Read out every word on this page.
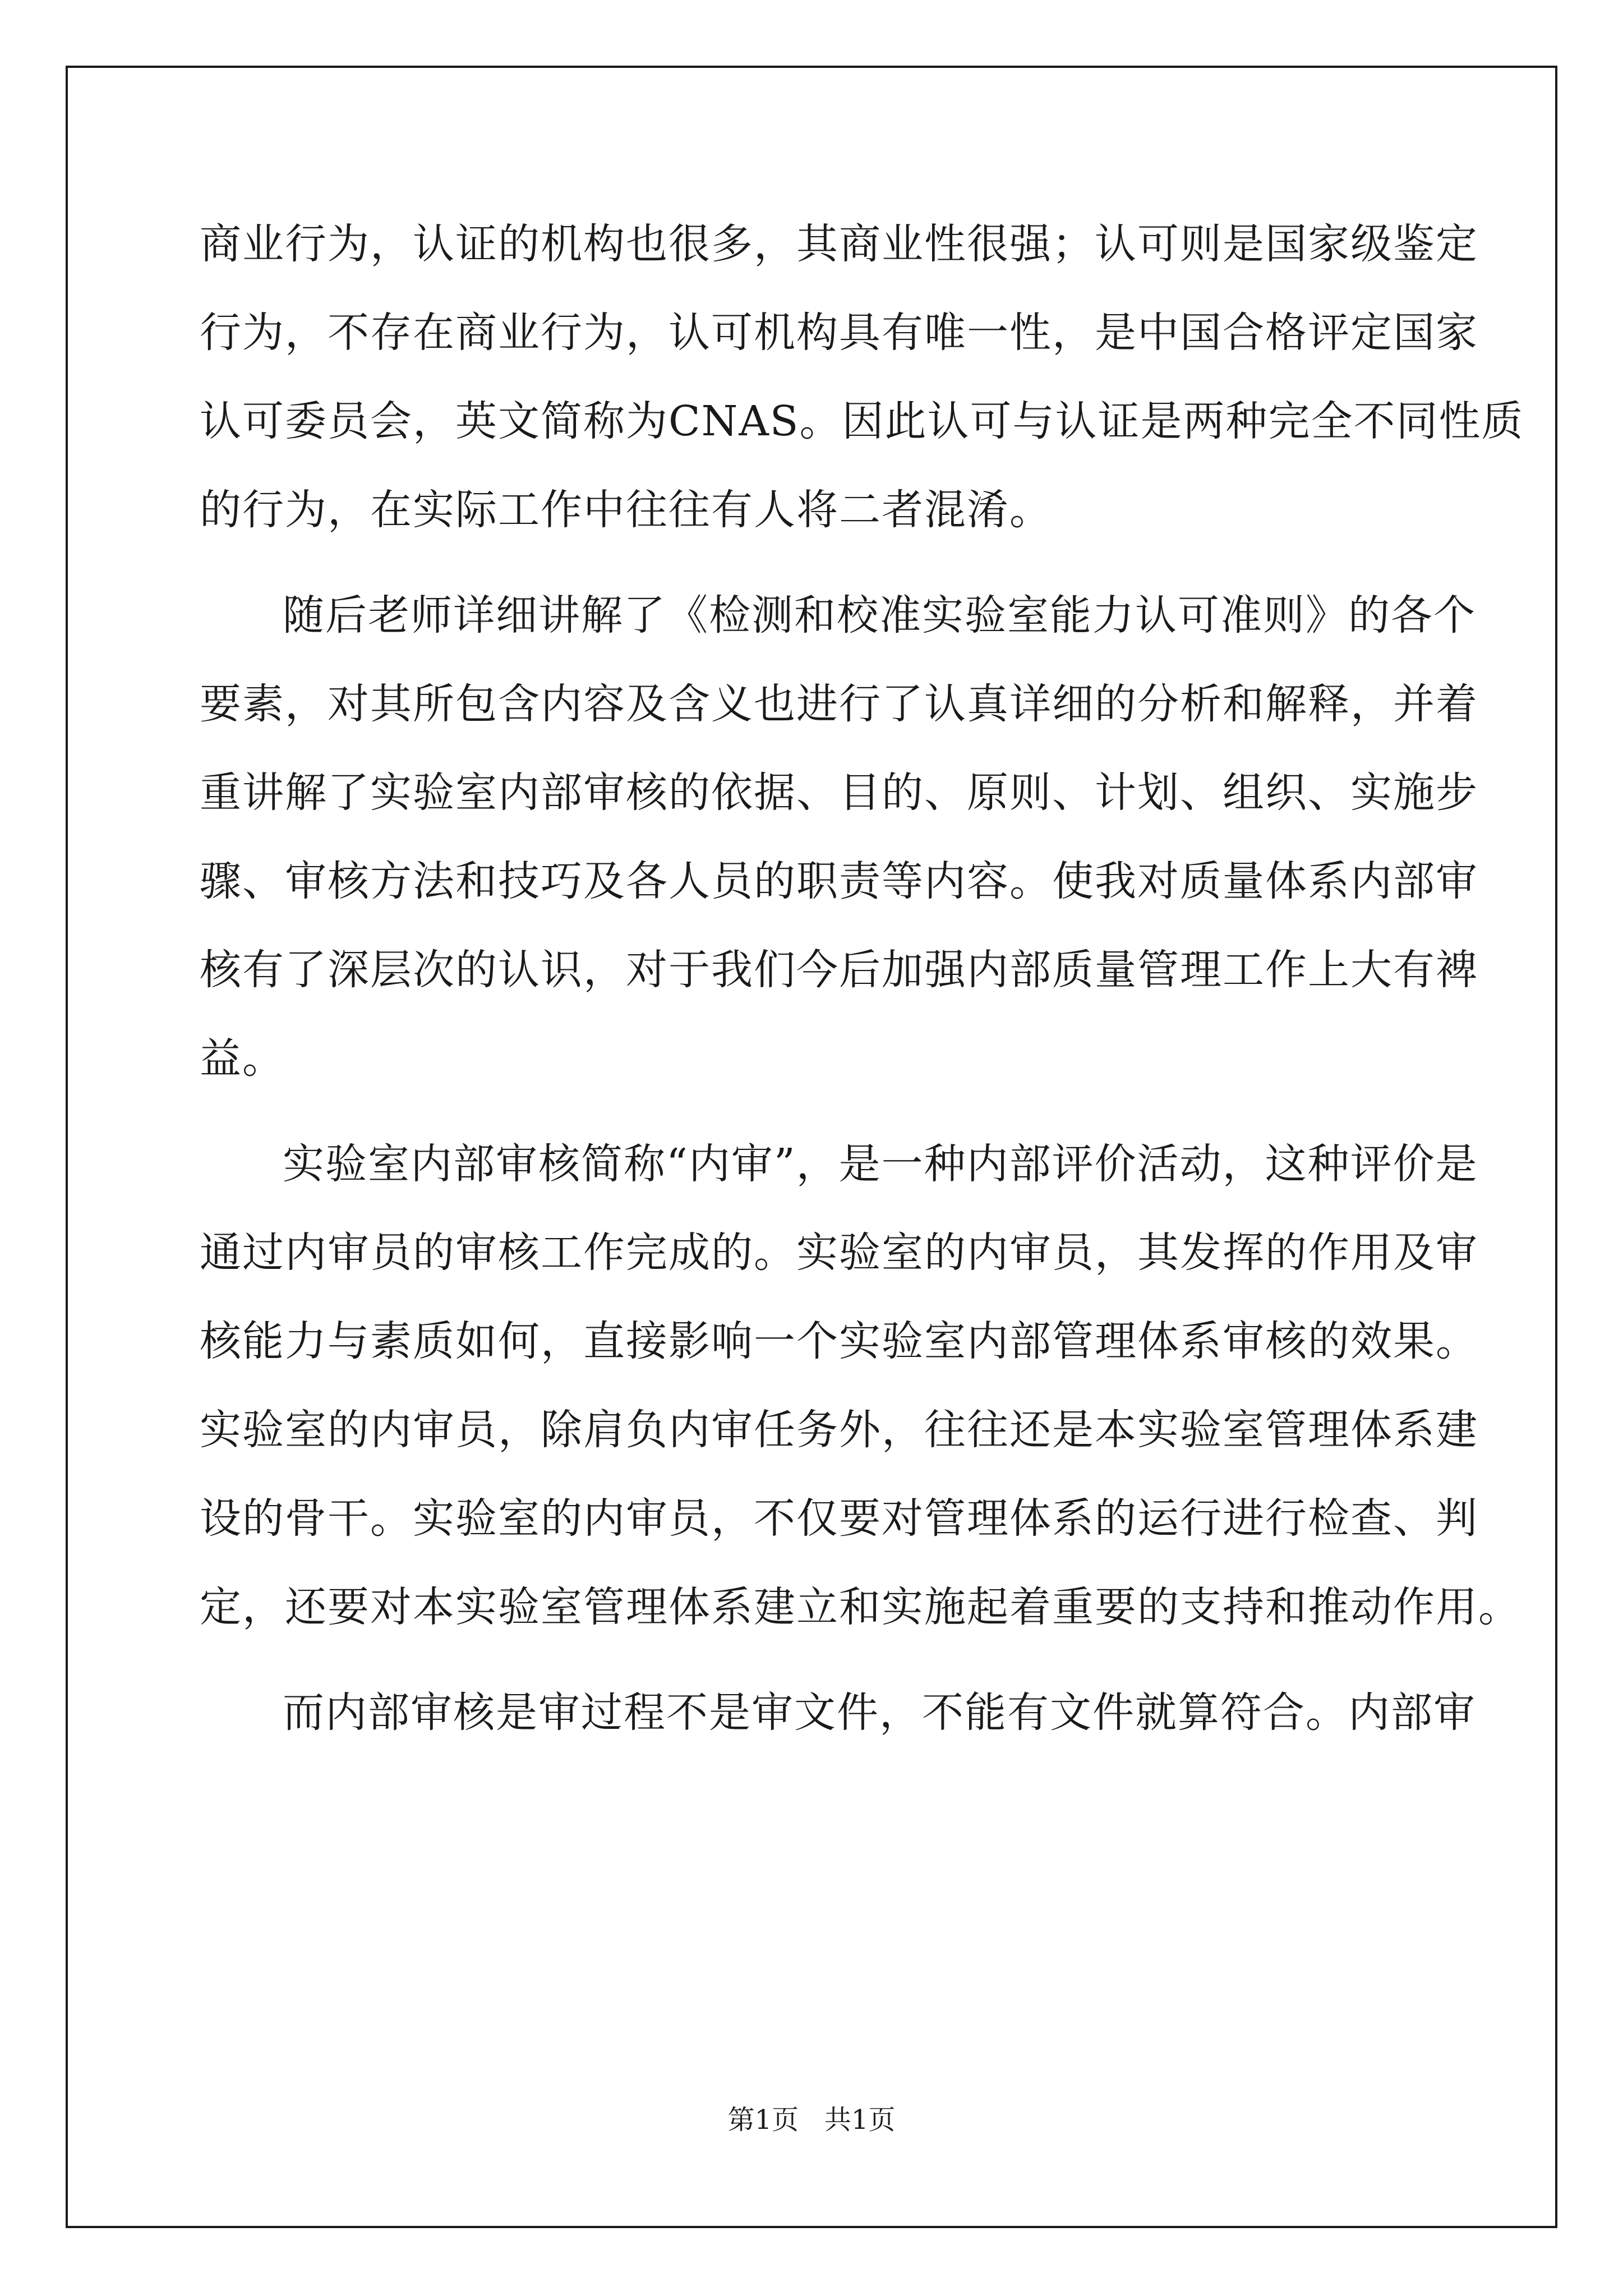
商业行为，认证的机构也很多，其商业性很强；认可则是国家级鉴定
行为，不存在商业行为，认可机构具有唯一性，是中国合格评定国家
认可委员会，英文简称为CNAS。因此认可与认证是两种完全不同性质
的行为，在实际工作中往往有人将二者混淆。
随后老师详细讲解了《检测和校准实验室能力认可准则》的各个
要素，对其所包含内容及含义也进行了认真详细的分析和解释，并着
重讲解了实验室内部审核的依据、目的、原则、计划、组织、实施步
骤、审核方法和技巧及各人员的职责等内容。使我对质量体系内部审
核有了深层次的认识，对于我们今后加强内部质量管理工作上大有裨
益。
实验室内部审核简称“内审”，是一种内部评价活动，这种评价是
通过内审员的审核工作完成的。实验室的内审员，其发挥的作用及审
核能力与素质如何，直接影响一个实验室内部管理体系审核的效果。
实验室的内审员，除肩负内审任务外，往往还是本实验室管理体系建
设的骨干。实验室的内审员，不仅要对管理体系的运行进行检查、判
定，还要对本实验室管理体系建立和实施起着重要的支持和推动作用。
而内部审核是审过程不是审文件，不能有文件就算符合。内部审
第1页 共1页
